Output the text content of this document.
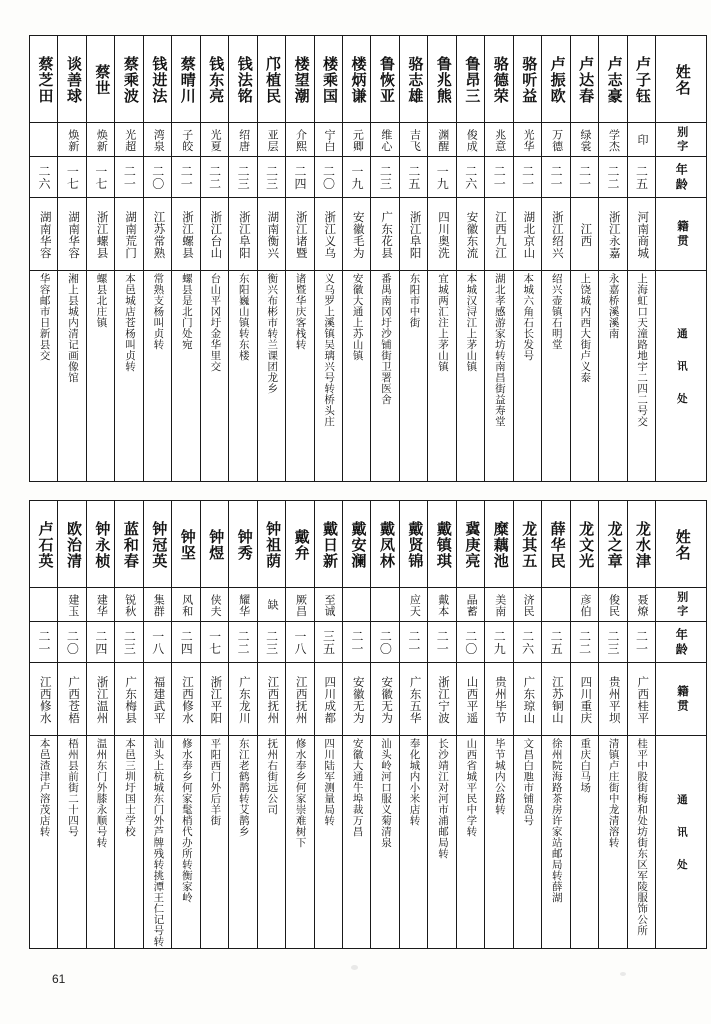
蔡芝田	谈善球	蔡世	蔡乘波	钱进法	蔡晴川	钱东亮	钱法铭	邝植民	楼望潮	楼乘国	楼炳谦	鲁恢亚	骆志雄	鲁兆熊	鲁昂三	骆德荣	骆听益	卢振欧	卢达春	卢志豪	卢子钰	姓名

	焕新	焕新	光超	湾泉	子皎	光夏	绍唐	亚层	介熙	宁白	元卿	维心	吉飞	渊醒	俊成	兆意	光华	万德	绿裳	学杰	印	别字

二六	一七	一七	二一	二〇	二一	二二	二三	二三	二四	二〇	一九	二三	二五	一九	二六	二一	二一	二一	二一	二二	二五	年龄

湖南华容	湖南华容	浙江螺县	湖南荒门	江苏常熟	浙江螺县	浙江台山	浙江阜阳	湖南衡兴	浙江诸暨	浙江义乌	安徽毛为	广东花县	浙江阜阳	四川奥洗	安徽东流	江西九江	湖北京山	浙江绍兴	江西	浙江永嘉	河南商城	籍贯

华容邮市日新县交	湘上县城内清记画像馆	螺县北庄镇	本邑城店苍杨叫贞转	常熟支杨叫贞转	螺县是北门处宛	台山平冈圩金华里交	东阳巍山镇转东楼	衡兴布彬市转兰课团龙乡	诸暨华庆客栈转	义乌罗上溪镇吴璃兴号转桥头庄	安徽大通上苏山镇	番禺南冈圩沙铺街卫署医舍	东阳市中街	宜城两汇注上茅山镇	本城汉浔江上茅山镇	湖北孝感游家坊转南昌街益寿堂	本城六角石长发号	绍兴壶镇石明堂	上饶城内西大街卢义泰	永嘉桥溪溪南	上海虹口天潼路地宇二四二号交	通讯处
卢石英	欧治清	钟永桢	蓝和春	钟冠英	钟坚	钟煜	钟秀	钟祖荫	戴弁	戴日新	戴安澜	戴凤林	戴贤锦	戴镇琪	冀庚亮	糜藕池	龙其五	薛华民	龙文光	龙之章	龙水津	姓名

	建玉	建华	锐秋	集群	风和	侠夫	耀华	缺	厥昌	至诚			应天	戴本	晶蓄	美南	济民		彦伯	俊民	聂燎	别字

二一	二〇	二四	二三	一八	二四	一七	二二	二三	一八	三五	二一	二〇	二一	二一	二〇	二九	二六	二五	二二	二三	二一	年龄

江西修水	广西苍梧	浙江温州	广东梅县	福建武平	江西修水	浙江平阳	广东龙川	江西抚州	江西抚州	四川成都	安徽无为	安徽无为	广东五华	浙江宁波	山西平遥	贵州毕节	广东琼山	江苏铜山	四川重庆	贵州平坝	广西桂平	籍贯

本邑渣津卢溶茂店转	梧州县前街二十四号	温州东门外膝永顺号转	本邑三圳圩国士学校	汕头上杭城东门外芦牌残转挑潭王仁记号转	修水奉乡何家髦梢代办所转衡家岭	平阳西门外后羊街	东江老鹤鹊转艾鹊乡	抚州右街远公司	修水奉乡何家崇难树下	四川陆军测量局转	安徽大通牛埠裁万昌	汕头岭河口服义菊清泉	奉化城内小米店转	长沙靖江对河市浦邮局转	山西省城平民中学转	毕节城内公路转	文昌白虺市铺岛号	徐州院海路茶房许家站邮局转薛湖	重庆白马场	清镇卢庄街中龙清溶转	桂平中股街梅和处坊街东区军陵服饰公所	通讯处
61
